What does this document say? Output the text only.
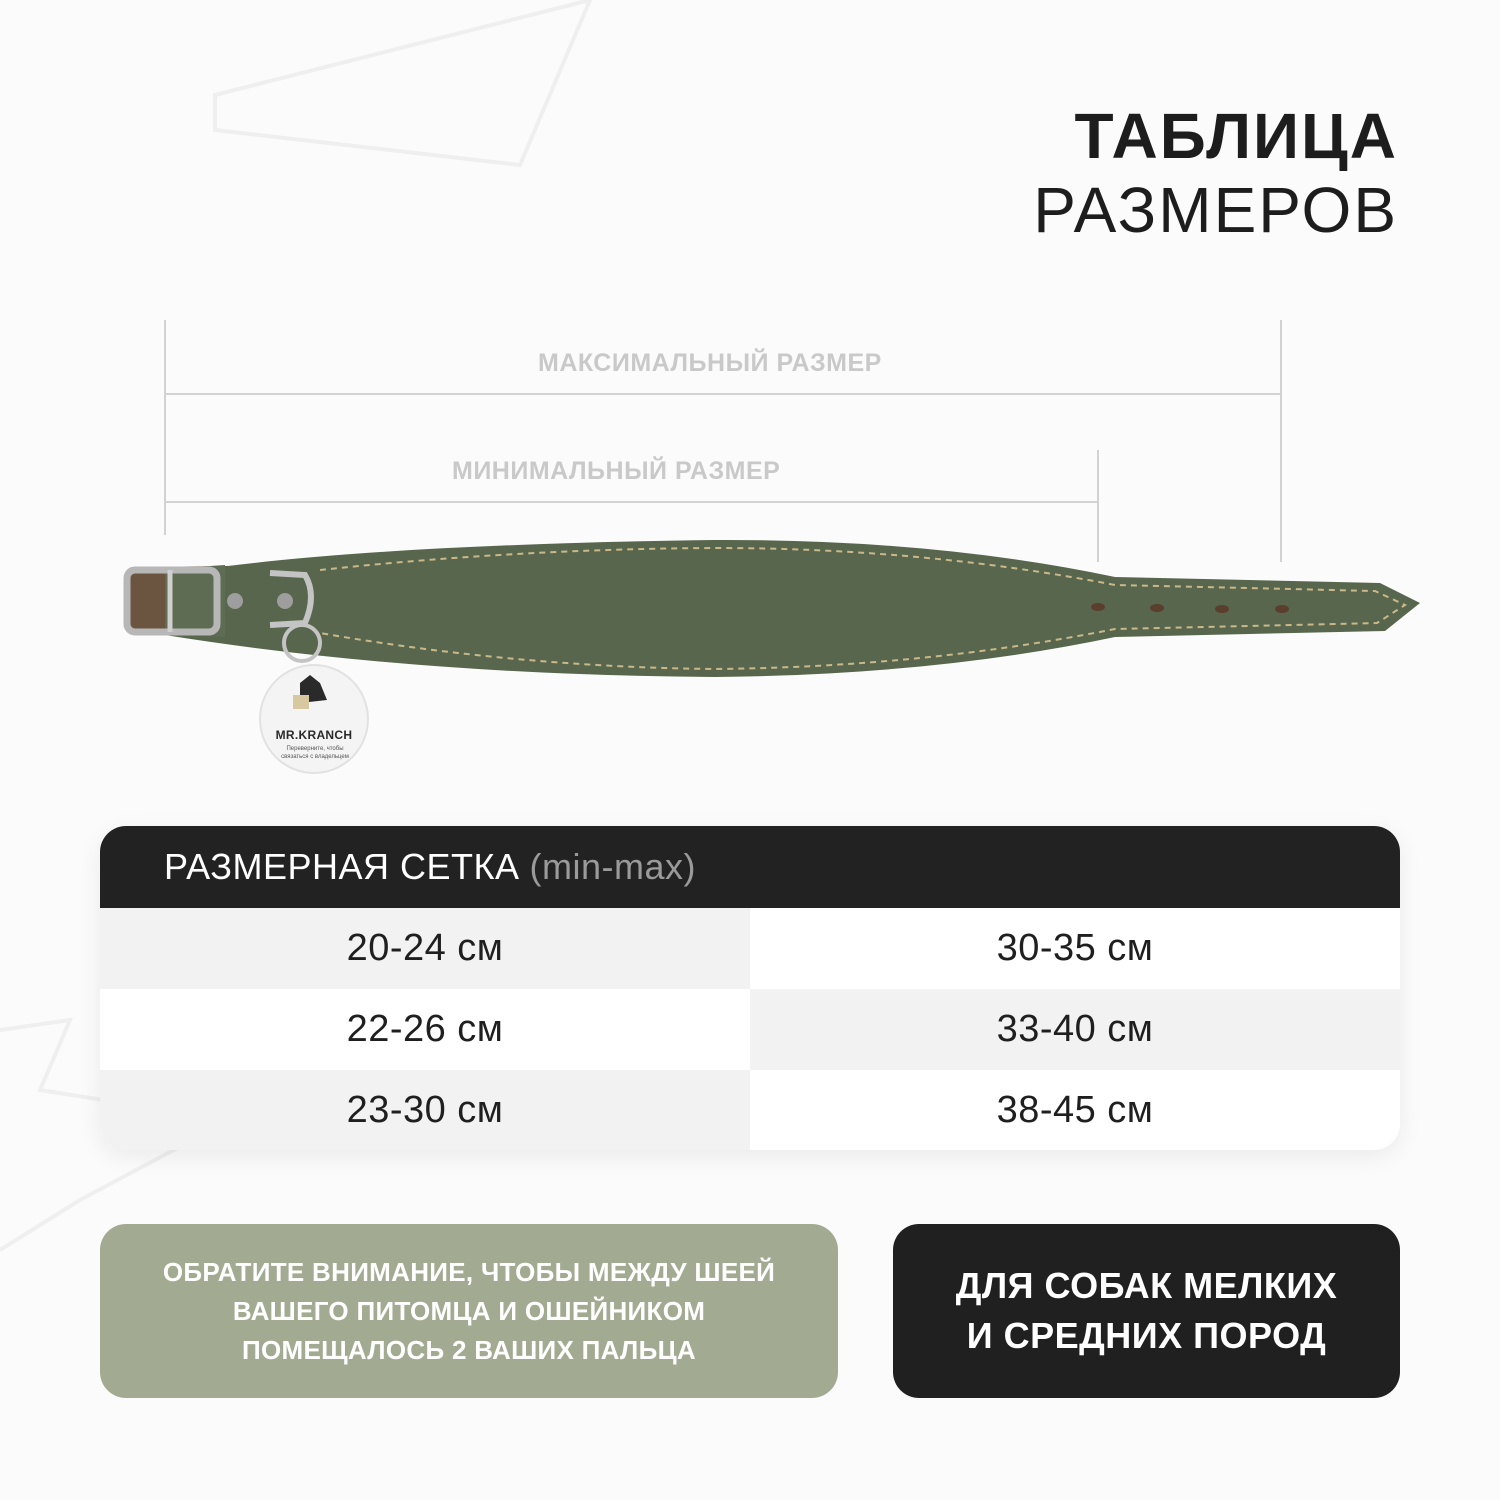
ТАБЛИЦА
РАЗМЕРОВ
МАКСИМАЛЬНЫЙ РАЗМЕР
МИНИМАЛЬНЫЙ РАЗМЕР
MR.KRANCH
Переверните, чтобы связаться с владельцем
РАЗМЕРНАЯ СЕТКА (min-max)
20-24 см	30-35 см
22-26 см	33-40 см
23-30 см	38-45 см
ОБРАТИТЕ ВНИМАНИЕ, ЧТОБЫ МЕЖДУ ШЕЕЙ
ВАШЕГО ПИТОМЦА И ОШЕЙНИКОМ
ПОМЕЩАЛОСЬ 2 ВАШИХ ПАЛЬЦА
ДЛЯ СОБАК МЕЛКИХ
И СРЕДНИХ ПОРОД
